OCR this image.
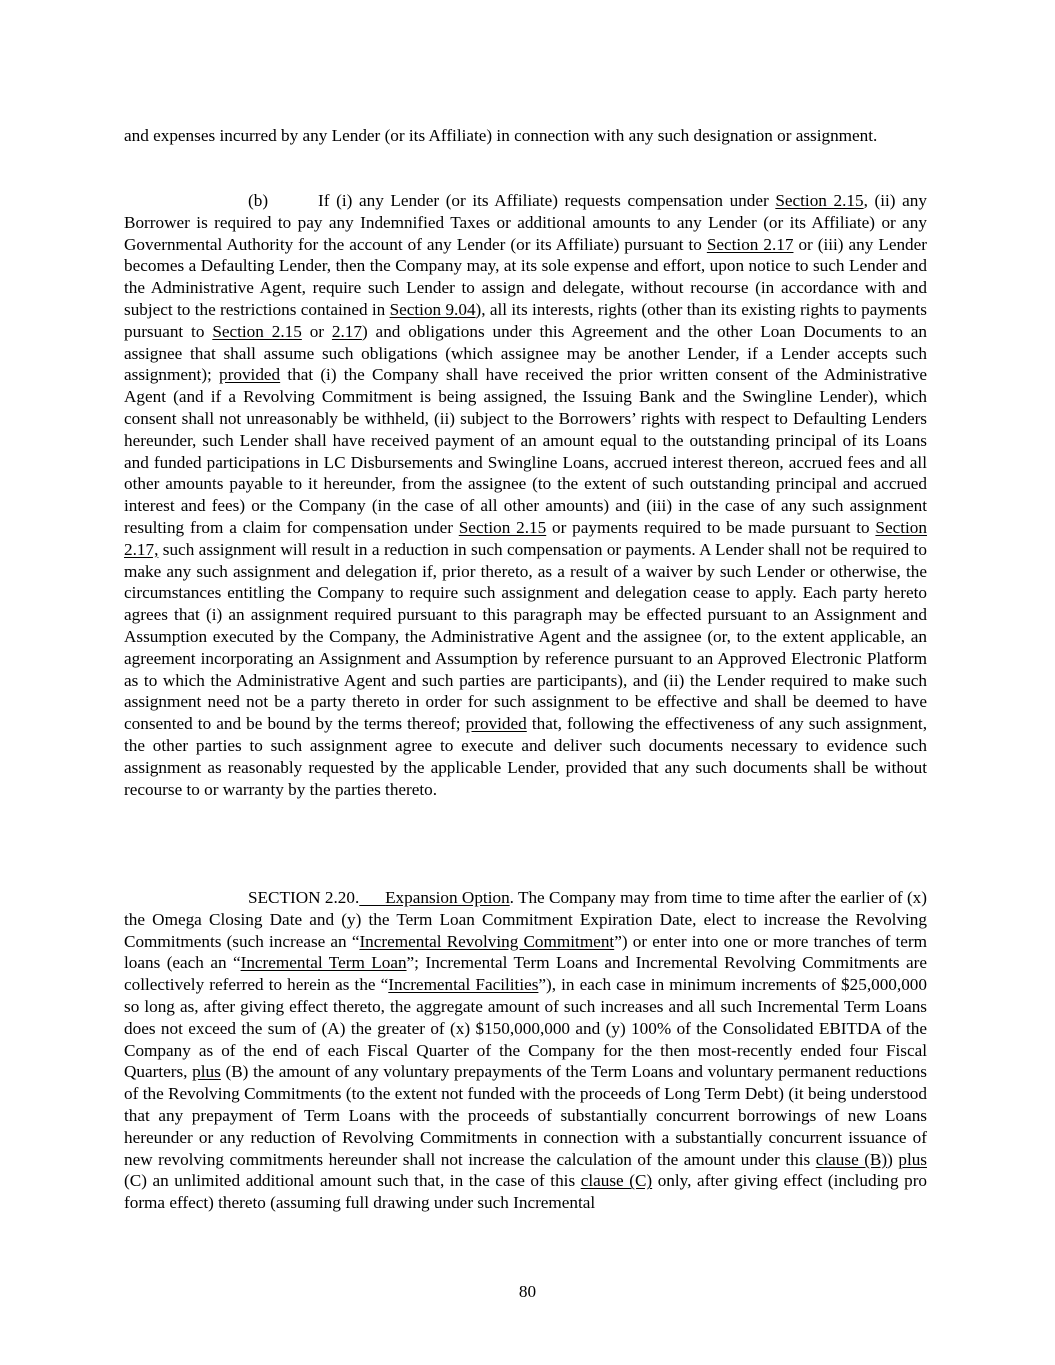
and expenses incurred by any Lender (or its Affiliate) in connection with any such designation or assignment.

(b)	If (i) any Lender (or its Affiliate) requests compensation under Section 2.15, (ii) any Borrower is required to pay any Indemnified Taxes or additional amounts to any Lender (or its Affiliate) or any Governmental Authority for the account of any Lender (or its Affiliate) pursuant to Section 2.17 or (iii) any Lender becomes a Defaulting Lender, then the Company may, at its sole expense and effort, upon notice to such Lender and the Administrative Agent, require such Lender to assign and delegate, without recourse (in accordance with and subject to the restrictions contained in Section 9.04), all its interests, rights (other than its existing rights to payments pursuant to Section 2.15 or 2.17) and obligations under this Agreement and the other Loan Documents to an assignee that shall assume such obligations (which assignee may be another Lender, if a Lender accepts such assignment); provided that (i) the Company shall have received the prior written consent of the Administrative Agent (and if a Revolving Commitment is being assigned, the Issuing Bank and the Swingline Lender), which consent shall not unreasonably be withheld, (ii) subject to the Borrowers’ rights with respect to Defaulting Lenders hereunder, such Lender shall have received payment of an amount equal to the outstanding principal of its Loans and funded participations in LC Disbursements and Swingline Loans, accrued interest thereon, accrued fees and all other amounts payable to it hereunder, from the assignee (to the extent of such outstanding principal and accrued interest and fees) or the Company (in the case of all other amounts) and (iii) in the case of any such assignment resulting from a claim for compensation under Section 2.15 or payments required to be made pursuant to Section 2.17, such assignment will result in a reduction in such compensation or payments. A Lender shall not be required to make any such assignment and delegation if, prior thereto, as a result of a waiver by such Lender or otherwise, the circumstances entitling the Company to require such assignment and delegation cease to apply. Each party hereto agrees that (i) an assignment required pursuant to this paragraph may be effected pursuant to an Assignment and Assumption executed by the Company, the Administrative Agent and the assignee (or, to the extent applicable, an agreement incorporating an Assignment and Assumption by reference pursuant to an Approved Electronic Platform as to which the Administrative Agent and such parties are participants), and (ii) the Lender required to make such assignment need not be a party thereto in order for such assignment to be effective and shall be deemed to have consented to and be bound by the terms thereof; provided that, following the effectiveness of any such assignment, the other parties to such assignment agree to execute and deliver such documents necessary to evidence such assignment as reasonably requested by the applicable Lender, provided that any such documents shall be without recourse to or warranty by the parties thereto.

SECTION 2.20. Expansion Option. The Company may from time to time after the earlier of (x) the Omega Closing Date and (y) the Term Loan Commitment Expiration Date, elect to increase the Revolving Commitments (such increase an “Incremental Revolving Commitment”) or enter into one or more tranches of term loans (each an “Incremental Term Loan”; Incremental Term Loans and Incremental Revolving Commitments are collectively referred to herein as the “Incremental Facilities”), in each case in minimum increments of $25,000,000 so long as, after giving effect thereto, the aggregate amount of such increases and all such Incremental Term Loans does not exceed the sum of (A) the greater of (x) $150,000,000 and (y) 100% of the Consolidated EBITDA of the Company as of the end of each Fiscal Quarter of the Company for the then most-recently ended four Fiscal Quarters, plus (B) the amount of any voluntary prepayments of the Term Loans and voluntary permanent reductions of the Revolving Commitments (to the extent not funded with the proceeds of Long Term Debt) (it being understood that any prepayment of Term Loans with the proceeds of substantially concurrent borrowings of new Loans hereunder or any reduction of Revolving Commitments in connection with a substantially concurrent issuance of new revolving commitments hereunder shall not increase the calculation of the amount under this clause (B)) plus (C) an unlimited additional amount such that, in the case of this clause (C) only, after giving effect (including pro forma effect) thereto (assuming full drawing under such Incremental

80
